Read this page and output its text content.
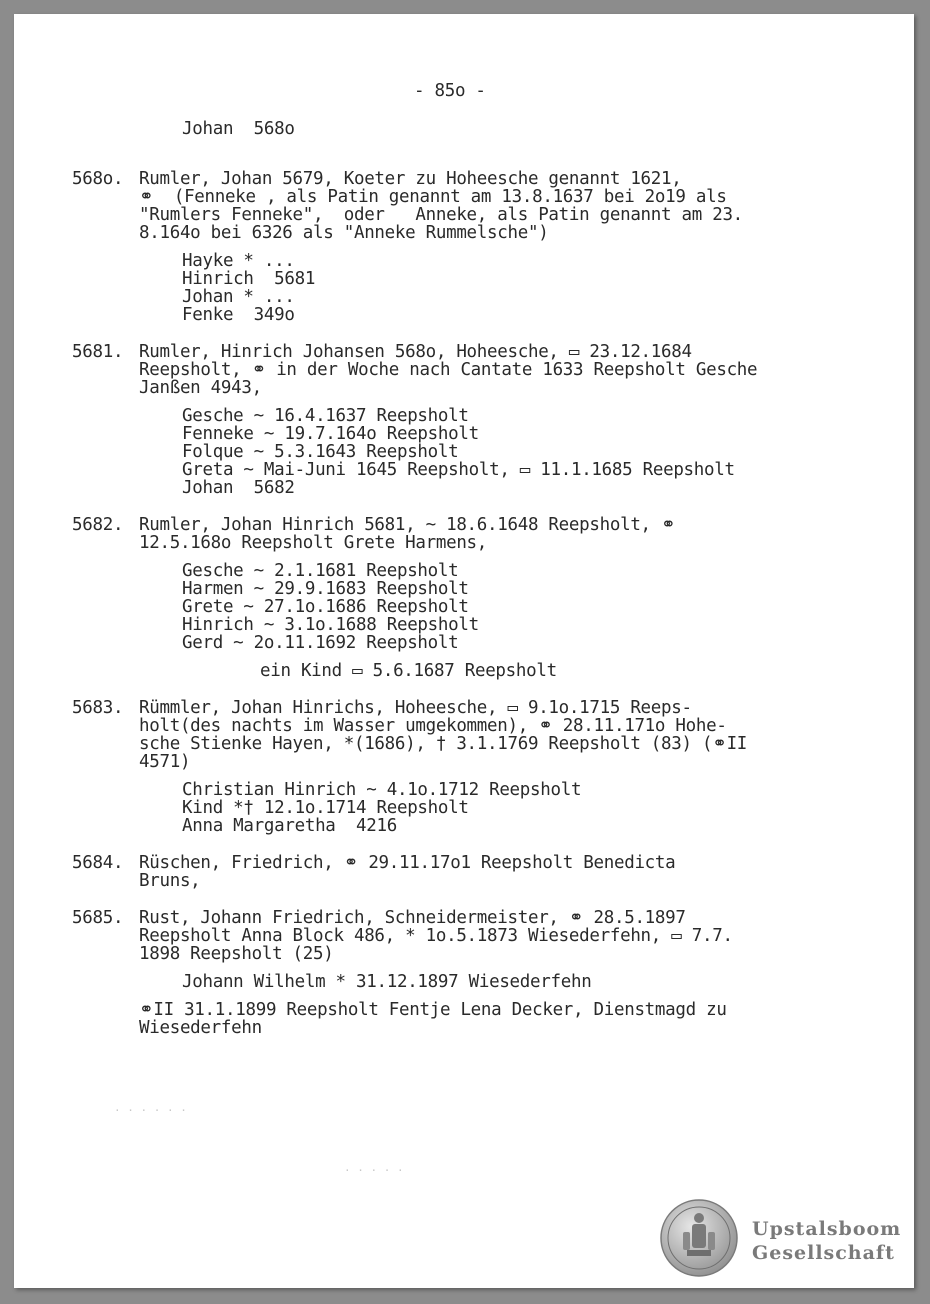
- 85o -
Johan  568o
568o. Rumler, Johan 5679, Koeter zu Hoheesche genannt 1621,
⚭  (Fenneke , als Patin genannt am 13.8.1637 bei 2o19 als
"Rumlers Fenneke",  oder   Anneke, als Patin genannt am 23.
8.164o bei 6326 als "Anneke Rummelsche")
Hayke * ...
Hinrich  5681
Johan * ...
Fenke  349o
5681. Rumler, Hinrich Johansen 568o, Hoheesche, ▭ 23.12.1684
Reepsholt, ⚭ in der Woche nach Cantate 1633 Reepsholt Gesche
Janßen 4943,
Gesche ~ 16.4.1637 Reepsholt
Fenneke ~ 19.7.164o Reepsholt
Folque ~ 5.3.1643 Reepsholt
Greta ~ Mai-Juni 1645 Reepsholt, ▭ 11.1.1685 Reepsholt
Johan  5682
5682. Rumler, Johan Hinrich 5681, ~ 18.6.1648 Reepsholt, ⚭
12.5.168o Reepsholt Grete Harmens,
Gesche ~ 2.1.1681 Reepsholt
Harmen ~ 29.9.1683 Reepsholt
Grete ~ 27.1o.1686 Reepsholt
Hinrich ~ 3.1o.1688 Reepsholt
Gerd ~ 2o.11.1692 Reepsholt
ein Kind ▭ 5.6.1687 Reepsholt
5683. Rümmler, Johan Hinrichs, Hoheesche, ▭ 9.1o.1715 Reeps-
holt(des nachts im Wasser umgekommen), ⚭ 28.11.171o Hohe-
sche Stienke Hayen, *(1686), † 3.1.1769 Reepsholt (83) (⚭II
4571)
Christian Hinrich ~ 4.1o.1712 Reepsholt
Kind *† 12.1o.1714 Reepsholt
Anna Margaretha  4216
5684. Rüschen, Friedrich, ⚭ 29.11.17o1 Reepsholt Benedicta
Bruns,
5685. Rust, Johann Friedrich, Schneidermeister, ⚭ 28.5.1897
Reepsholt Anna Block 486, * 1o.5.1873 Wiesederfehn, ▭ 7.7.
1898 Reepsholt (25)
Johann Wilhelm * 31.12.1897 Wiesederfehn
⚭II 31.1.1899 Reepsholt Fentje Lena Decker, Dienstmagd zu
Wiesederfehn
· · · · · ·
· · · · ·
Upstalsboom
Gesellschaft
